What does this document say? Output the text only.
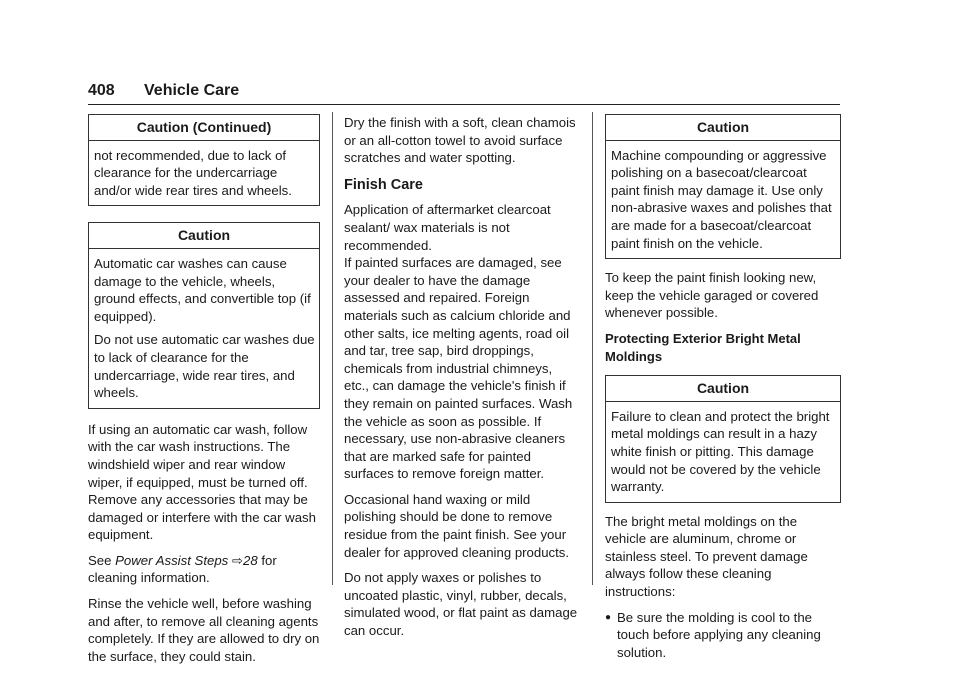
408 Vehicle Care
Caution (Continued)

not recommended, due to lack of clearance for the undercarriage and/or wide rear tires and wheels.

Caution

Automatic car washes can cause damage to the vehicle, wheels, ground effects, and convertible top (if equipped).

Do not use automatic car washes due to lack of clearance for the undercarriage, wide rear tires, and wheels.

If using an automatic car wash, follow with the car wash instructions. The windshield wiper and rear window wiper, if equipped, must be turned off. Remove any accessories that may be damaged or interfere with the car wash equipment.

See Power Assist Steps ⇨28 for cleaning information.

Rinse the vehicle well, before washing and after, to remove all cleaning agents completely. If they are allowed to dry on the surface, they could stain.

Dry the finish with a soft, clean chamois or an all-cotton towel to avoid surface scratches and water spotting.

Finish Care

Application of aftermarket clearcoat sealant/ wax materials is not recommended.

If painted surfaces are damaged, see your dealer to have the damage assessed and repaired. Foreign materials such as calcium chloride and other salts, ice melting agents, road oil and tar, tree sap, bird droppings, chemicals from industrial chimneys, etc., can damage the vehicle's finish if they remain on painted surfaces. Wash the vehicle as soon as possible. If necessary, use non-abrasive cleaners that are marked safe for painted surfaces to remove foreign matter.

Occasional hand waxing or mild polishing should be done to remove residue from the paint finish. See your dealer for approved cleaning products.

Do not apply waxes or polishes to uncoated plastic, vinyl, rubber, decals, simulated wood, or flat paint as damage can occur.

Caution

Machine compounding or aggressive polishing on a basecoat/clearcoat paint finish may damage it. Use only non-abrasive waxes and polishes that are made for a basecoat/clearcoat paint finish on the vehicle.

To keep the paint finish looking new, keep the vehicle garaged or covered whenever possible.

Protecting Exterior Bright Metal Moldings
Caution

Failure to clean and protect the bright metal moldings can result in a hazy white finish or pitting. This damage would not be covered by the vehicle warranty.

The bright metal moldings on the vehicle are aluminum, chrome or stainless steel. To prevent damage always follow these cleaning instructions:

● Be sure the molding is cool to the touch before applying any cleaning solution.
